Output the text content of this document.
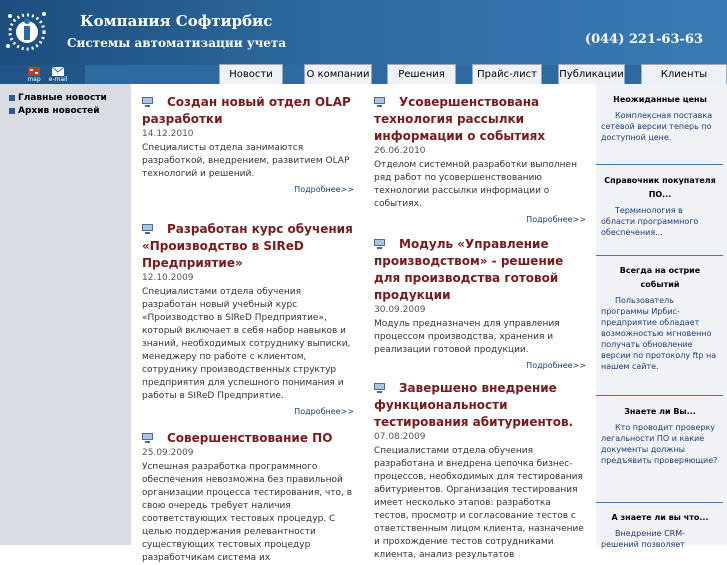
Компания Софтирбис
Системы автоматизации учета	(044) 221-63-63
map	e-mail	Новости	О компании	Решения	Прайс-лист	Публикации	Клиенты
Главные новости
Архив новостей
Создан новый отдел OLAP разработки
14.12.2010
Специалисты отдела занимаются разработкой, внедрением, развитием OLAP технологий и решений.
Подробнее>>
Разработан курс обучения «Производство в SIReD Предприятие»
12.10.2009
Специалистами отдела обучения разработан новый учебный курс «Производство в SIReD Предприятие», который включает в себя набор навыков и знаний, необходимых сотруднику выписки, менеджеру по работе с клиентом, сотруднику производственных структур предприятия для успешного понимания и работы в SIReD Предприятие.
Подробнее>>
Совершенствование ПО
25.09.2009
Успешная разработка программного обеспечения невозможна без правильной организации процесса тестирования, что, в свою очередь требует наличия соответствующих тестовых процедур. С целью поддержания релевантности существующих тестовых процедур разработчикам система их
Усовершенствована технология рассылки информации о событиях
26.06.2010
Отделом системной разработки выполнен ряд работ по усовершенствованию технологии рассылки информации о событиях.
Подробнее>>
Модуль «Управление производством» - решение для производства готовой продукции
30.09.2009
Модуль предназначен для управления процессом производства, хранения и реализации готовой продукции.
Подробнее>>
Завершено внедрение функциональности тестирования абитуриентов.
07.08.2009
Специалистами отдела обучения разработана и внедрена цепочка бизнес-процессов, необходимых для тестирования абитуриентов. Организация тестирования имеет несколько этапов: разработка тестов, просмотр и согласование тестов с ответственным лицом клиента, назначение и прохождение тестов сотрудниками клиента, анализ результатов
Неожиданные цены
Комплексная поставка сетевой версии теперь по доступной цене.
Справочник покупателя ПО...
Терминология в области программного обеспечения...
Всегда на острие событий
Пользователь программы Ирбис-предприятие обладает возможностью мгновенно получать обновление версии по протоколу ftp на нашем сайте.
Знаете ли Вы...
Кто проводит проверку легальности ПО и какие документы должны предъявить проверяющие?
А знаете ли вы что...
Внедрение CRM-решений позволяет
